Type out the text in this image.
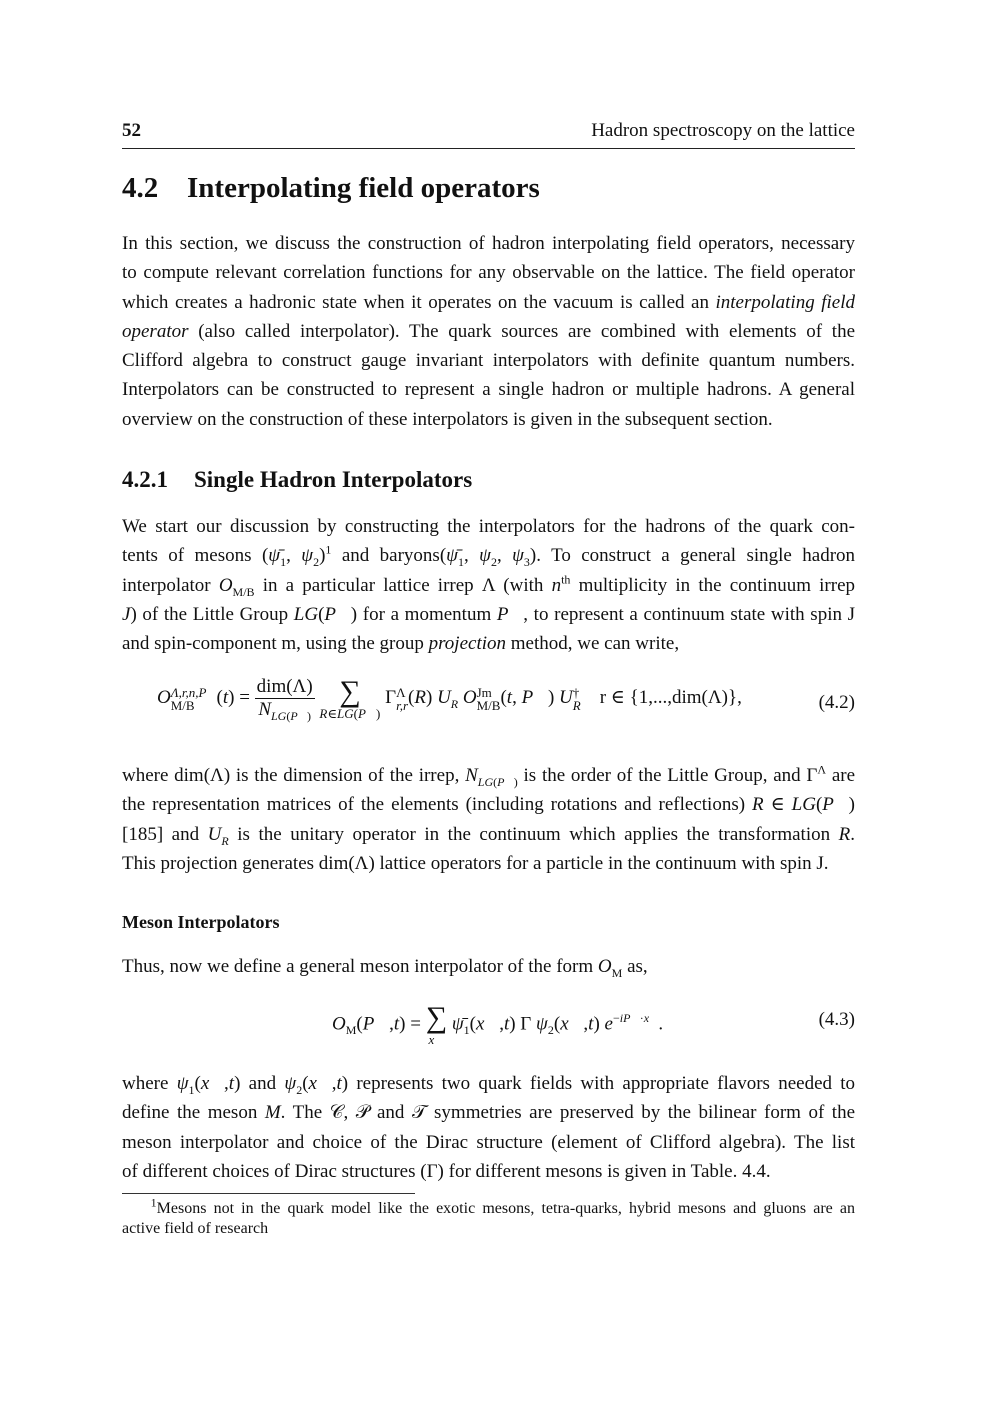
52	Hadron spectroscopy on the lattice
4.2 Interpolating field operators
In this section, we discuss the construction of hadron interpolating field operators, necessary
to compute relevant correlation functions for any observable on the lattice. The field operator
which creates a hadronic state when it operates on the vacuum is called an interpolating field
operator (also called interpolator). The quark sources are combined with elements of the
Clifford algebra to construct gauge invariant interpolators with definite quantum numbers.
Interpolators can be constructed to represent a single hadron or multiple hadrons. A general
overview on the construction of these interpolators is given in the subsequent section.
4.2.1 Single Hadron Interpolators
We start our discussion by constructing the interpolators for the hadrons of the quark con-
tents of mesons ($\psī_1$, $\psi_2)^1$ and $baryons(\psī_1$, $\psi_2$, $\psi_3$). To construct a general single hadron
interpolator $O_{M/B}$ in a particular lattice irrep Λ (with $n^{th}$ multiplicity in the continuum irrep
J) of the Little Group LG(P⃗) for a momentum P⃗, to represent a continuum state with spin J
and spin-component m, using the group projection method, we can write,
O Λ,r,n,P⃗
M/B	$(t) = \frac{\text{dim(Λ)}}{N_{LG(P⃗)}}$
∑
R∈LG(P⃗)
Γ Λ
r,r (R) $U_R$ O Jm
M/B (t, P⃗) U †
R r ∈ {1,...,dim(Λ)},	(4.2)
where dim(Λ) is the dimension of the irrep, $N_{LG(P⃗)}$ is the order of the Little Group, and $\Gamma^\Lambda$ are
the representation matrices of the elements (including rotations and reflections) R ∈ LG(P⃗)
[185] and $U_R$ is the unitary operator in the continuum which applies the transformation R.
This projection generates dim(Λ) lattice operators for a particle in the continuum with spin J.
Meson Interpolators
Thus, now we define a general meson interpolator of the form $O_M$ as,
$O_M(P⃗,t)$ = ∑
x⃗
$\psī_1(x⃗,t)$ Γ $\psi_2(x⃗,t)$ $e^{-iP⃗\cdot x⃗}$.	(4.3)
where $\psi_1(x⃗,t)$ and $\psi_2(x⃗,t)$ represents two quark fields with appropriate flavors needed to
define the meson M. The 𝒞, 𝒫 and 𝒯 symmetries are preserved by the bilinear form of the
meson interpolator and choice of the Dirac structure (element of Clifford algebra). The list
of different choices of Dirac structures (Γ) for different mesons is given in Table. 4.4.
$^1$Mesons not in the quark model like the exotic mesons, tetra-quarks, hybrid mesons and gluons are an
active field of research
